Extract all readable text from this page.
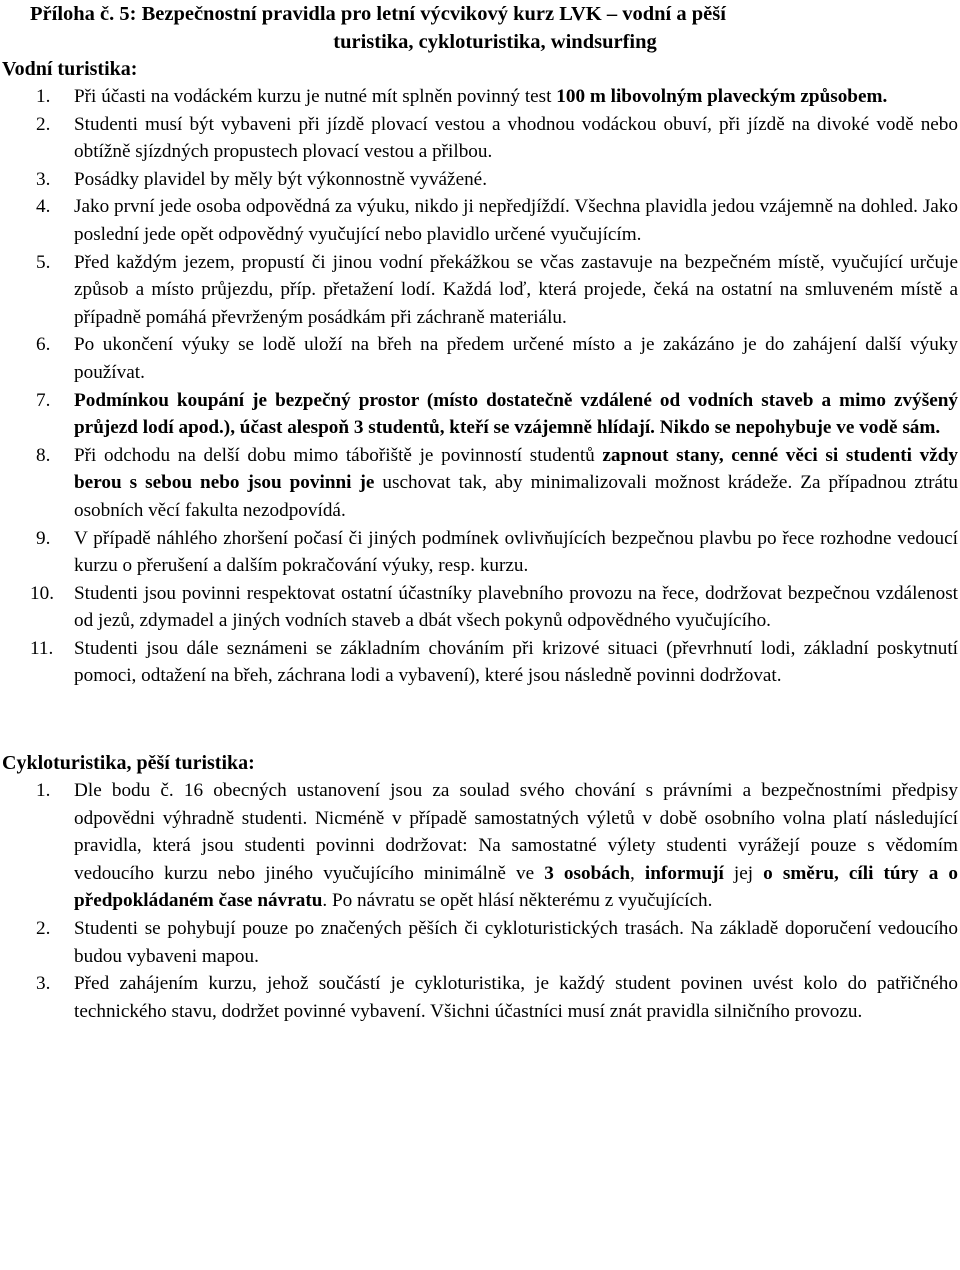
Příloha č. 5: Bezpečnostní pravidla pro letní výcvikový kurz LVK – vodní a pěší
turistika, cykloturistika, windsurfing
Vodní turistika:
1. Při účasti na vodáckém kurzu je nutné mít splněn povinný test 100 m libovolným plaveckým způsobem.
2. Studenti musí být vybaveni při jízdě plovací vestou a vhodnou vodáckou obuví, při jízdě na divoké vodě nebo obtížně sjízdných propustech plovací vestou a přilbou.
3. Posádky plavidel by měly být výkonnostně vyvážené.
4. Jako první jede osoba odpovědná za výuku, nikdo ji nepředjíždí. Všechna plavidla jedou vzájemně na dohled. Jako poslední jede opět odpovědný vyučující nebo plavidlo určené vyučujícím.
5. Před každým jezem, propustí či jinou vodní překážkou se včas zastavuje na bezpečném místě, vyučující určuje způsob a místo průjezdu, příp. přetažení lodí. Každá loď, která projede, čeká na ostatní na smluveném místě a případně pomáhá převrženým posádkám při záchraně materiálu.
6. Po ukončení výuky se lodě uloží na břeh na předem určené místo a je zakázáno je do zahájení další výuky používat.
7. Podmínkou koupání je bezpečný prostor (místo dostatečně vzdálené od vodních staveb a mimo zvýšený průjezd lodí apod.), účast alespoň 3 studentů, kteří se vzájemně hlídají. Nikdo se nepohybuje ve vodě sám.
8. Při odchodu na delší dobu mimo tábořiště je povinností studentů zapnout stany, cenné věci si studenti vždy berou s sebou nebo jsou povinni je uschovat tak, aby minimalizovali možnost krádeže. Za případnou ztrátu osobních věcí fakulta nezodpovídá.
9. V případě náhlého zhoršení počasí či jiných podmínek ovlivňujících bezpečnou plavbu po řece rozhodne vedoucí kurzu o přerušení a dalším pokračování výuky, resp. kurzu.
10. Studenti jsou povinni respektovat ostatní účastníky plavebního provozu na řece, dodržovat bezpečnou vzdálenost od jezů, zdymadel a jiných vodních staveb a dbát všech pokynů odpovědného vyučujícího.
11. Studenti jsou dále seznámeni se základním chováním při krizové situaci (převrhnutí lodi, základní poskytnutí pomoci, odtažení na břeh, záchrana lodi a vybavení), které jsou následně povinni dodržovat.
Cykloturistika, pěší turistika:
1. Dle bodu č. 16 obecných ustanovení jsou za soulad svého chování s právními a bezpečnostními předpisy odpovědni výhradně studenti. Nicméně v případě samostatných výletů v době osobního volna platí následující pravidla, která jsou studenti povinni dodržovat: Na samostatné výlety studenti vyrážejí pouze s vědomím vedoucího kurzu nebo jiného vyučujícího minimálně ve 3 osobách, informují jej o směru, cíli túry a o předpokládaném čase návratu. Po návratu se opět hlásí některému z vyučujících.
2. Studenti se pohybují pouze po značených pěších či cykloturistických trasách. Na základě doporučení vedoucího budou vybaveni mapou.
3. Před zahájením kurzu, jehož součástí je cykloturistika, je každý student povinen uvést kolo do patřičného technického stavu, dodržet povinné vybavení. Všichni účastníci musí znát pravidla silničního provozu.
